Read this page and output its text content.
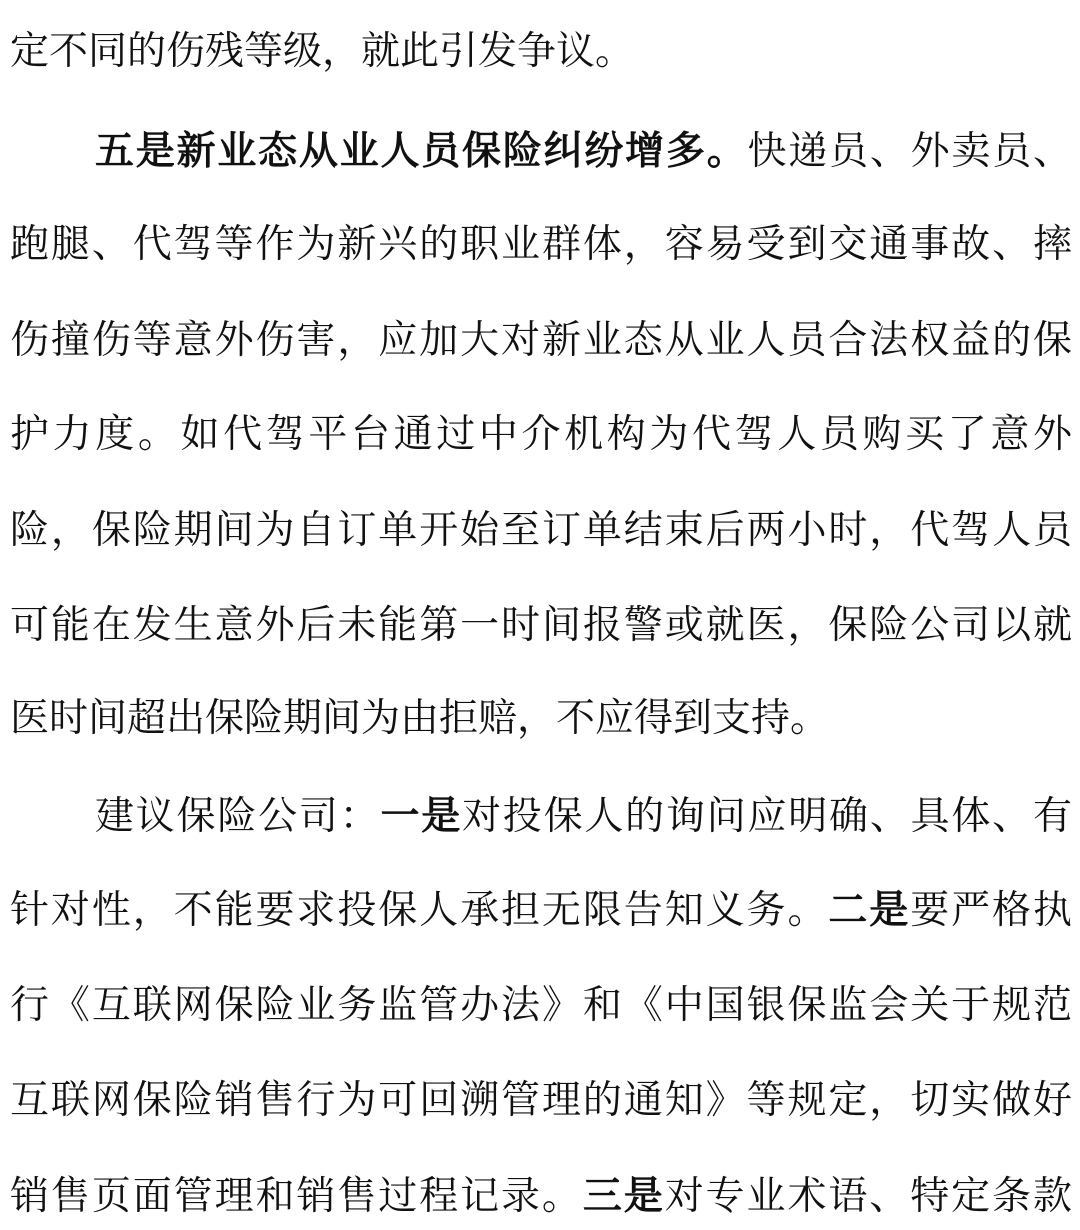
定不同的伤残等级，就此引发争议。
五是新业态从业人员保险纠纷增多。快递员、外卖员、
跑腿、代驾等作为新兴的职业群体，容易受到交通事故、摔
伤撞伤等意外伤害，应加大对新业态从业人员合法权益的保
护力度。如代驾平台通过中介机构为代驾人员购买了意外
险，保险期间为自订单开始至订单结束后两小时，代驾人员
可能在发生意外后未能第一时间报警或就医，保险公司以就
医时间超出保险期间为由拒赔，不应得到支持。
建议保险公司：一是对投保人的询问应明确、具体、有
针对性，不能要求投保人承担无限告知义务。二是要严格执
行《互联网保险业务监管办法》和《中国银保监会关于规范
互联网保险销售行为可回溯管理的通知》等规定，切实做好
销售页面管理和销售过程记录。三是对专业术语、特定条款
